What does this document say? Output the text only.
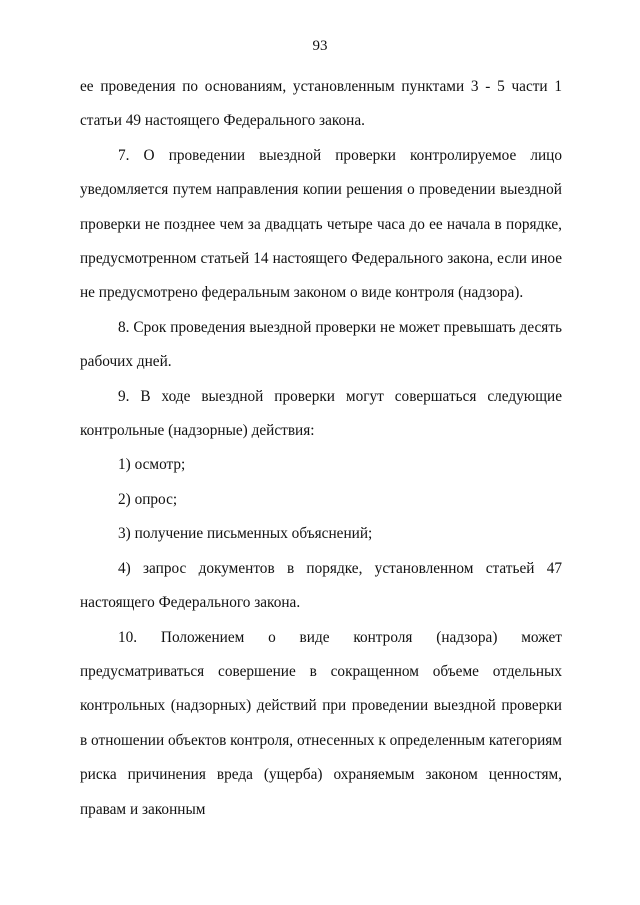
93

ее проведения по основаниям, установленным пунктами 3 - 5 части 1 статьи 49 настоящего Федерального закона.

7. О проведении выездной проверки контролируемое лицо уведомляется путем направления копии решения о проведении выездной проверки не позднее чем за двадцать четыре часа до ее начала в порядке, предусмотренном статьей 14 настоящего Федерального закона, если иное не предусмотрено федеральным законом о виде контроля (надзора).

8. Срок проведения выездной проверки не может превышать десять рабочих дней.

9. В ходе выездной проверки могут совершаться следующие контрольные (надзорные) действия:

1) осмотр;

2) опрос;

3) получение письменных объяснений;

4) запрос документов в порядке, установленном статьей 47 настоящего Федерального закона.

10. Положением о виде контроля (надзора) может предусматриваться совершение в сокращенном объеме отдельных контрольных (надзорных) действий при проведении выездной проверки в отношении объектов контроля, отнесенных к определенным категориям риска причинения вреда (ущерба) охраняемым законом ценностям, правам и законным
